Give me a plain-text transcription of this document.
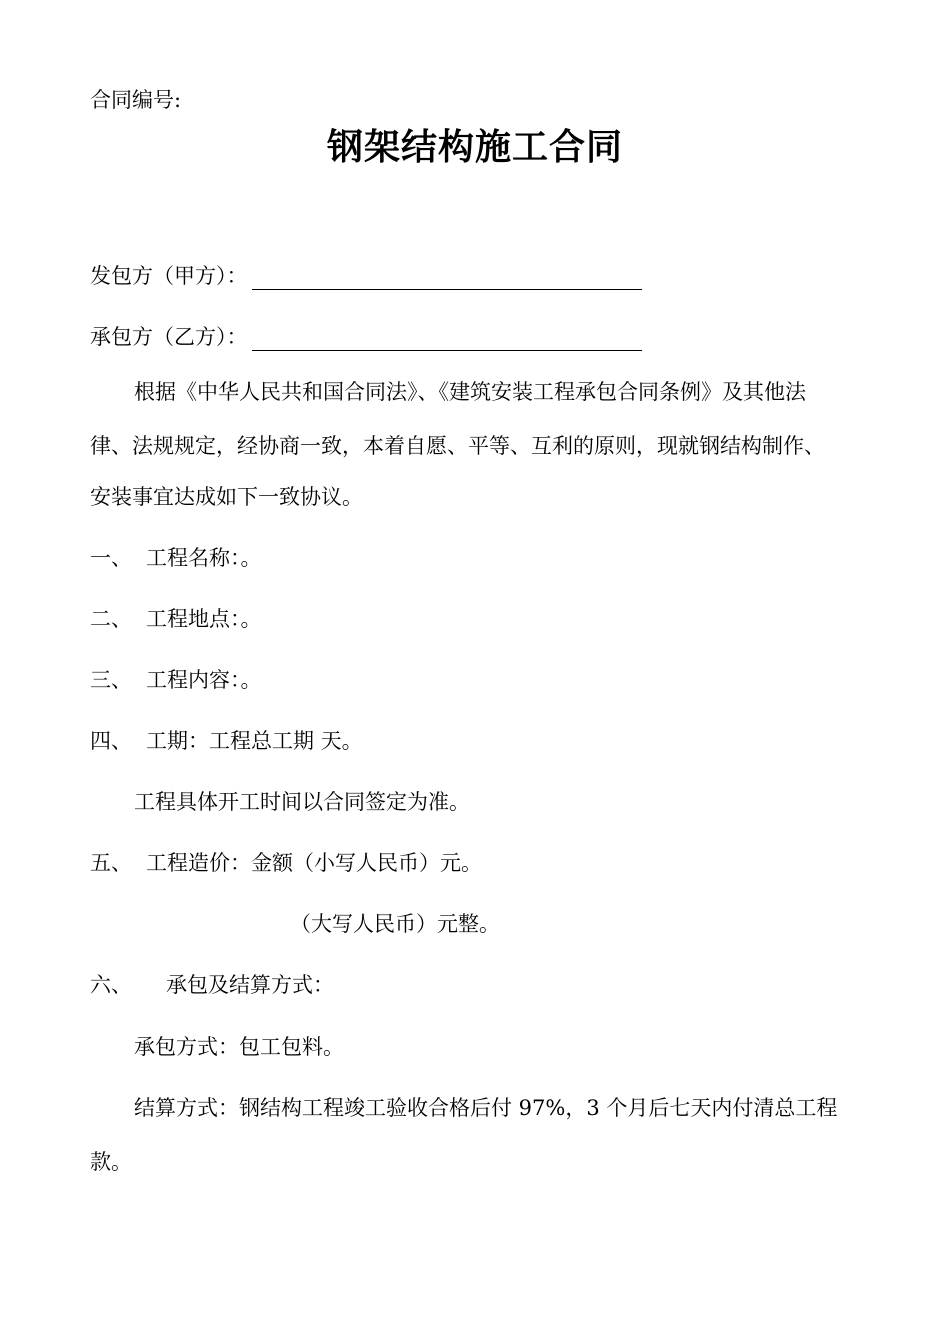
合同编号:
钢架结构施工合同
发包方（甲方）：
承包方（乙方）：
根据《中华人民共和国合同法》、《建筑安装工程承包合同条例》及其他法
律、法规规定，经协商一致，本着自愿、平等、互利的原则，现就钢结构制作、
安装事宜达成如下一致协议。
一、 工程名称：。
二、 工程地点：。
三、 工程内容：。
四、 工期：工程总工期 天。
工程具体开工时间以合同签定为准。
五、 工程造价：金额（小写人民币）元。
（大写人民币）元整。
六、 承包及结算方式：
承包方式：包工包料。
结算方式：钢结构工程竣工验收合格后付 97%，3 个月后七天内付清总工程
款。
